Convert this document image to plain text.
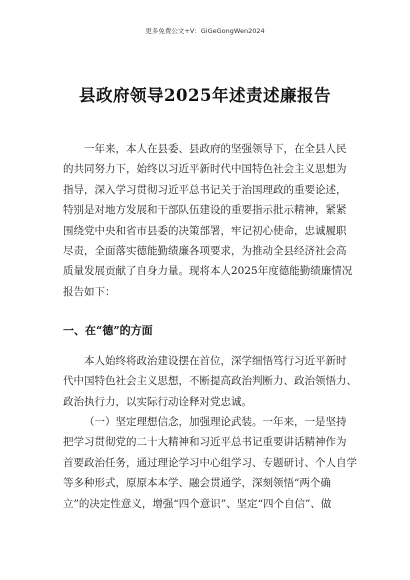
更多免费公文+V：GiGeGongWen2024
县政府领导2025年述责述廉报告
一年来，本人在县委、县政府的坚强领导下，在全县人民
的共同努力下，始终以习近平新时代中国特色社会主义思想为
指导，深入学习贯彻习近平总书记关于治国理政的重要论述，
特别是对地方发展和干部队伍建设的重要指示批示精神，紧紧
围绕党中央和省市县委的决策部署，牢记初心使命，忠诚履职
尽责，全面落实德能勤绩廉各项要求，为推动全县经济社会高
质量发展贡献了自身力量。现将本人2025年度德能勤绩廉情况
报告如下：
一、在“德”的方面
本人始终将政治建设摆在首位，深学细悟笃行习近平新时
代中国特色社会主义思想，不断提高政治判断力、政治领悟力、
政治执行力，以实际行动诠释对党忠诚。
（一）坚定理想信念，加强理论武装。一年来，一是坚持
把学习贯彻党的二十大精神和习近平总书记重要讲话精神作为
首要政治任务，通过理论学习中心组学习、专题研讨、个人自学
等多种形式，原原本本学、融会贯通学，深刻领悟“两个确
立”的决定性意义，增强“四个意识”、坚定“四个自信”、做
